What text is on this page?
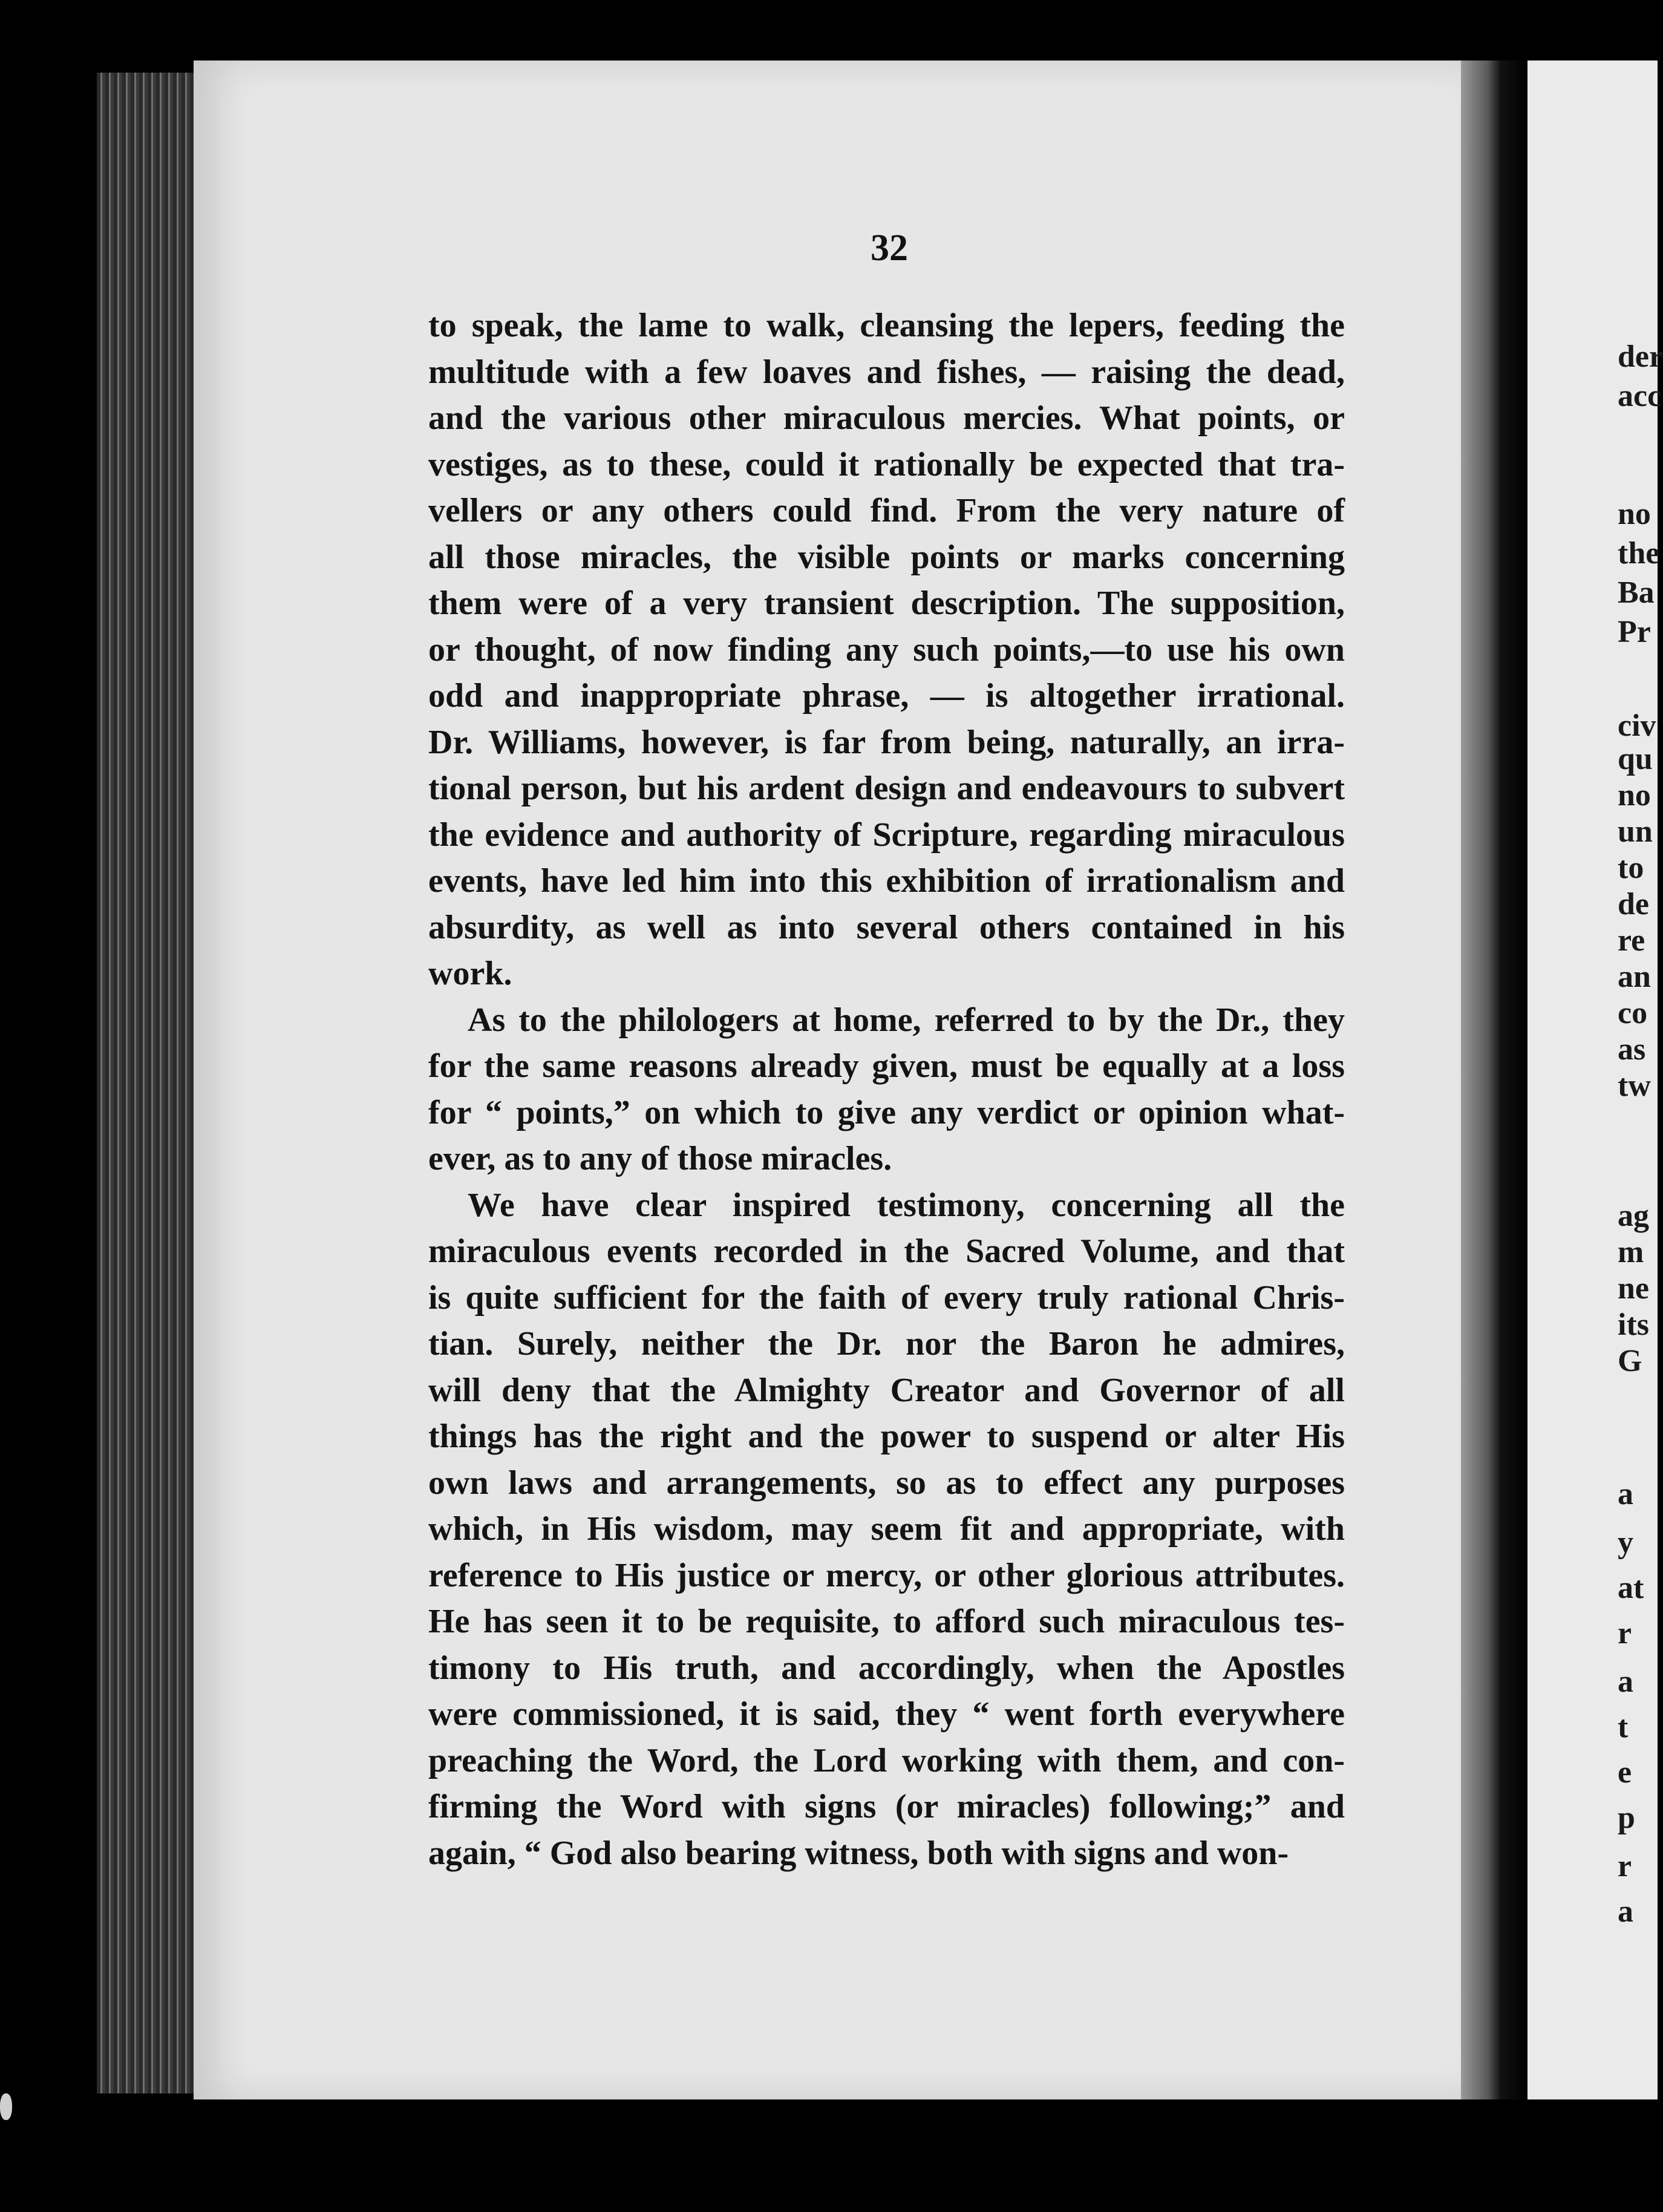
32
to speak, the lame to walk, cleansing the lepers, feeding the
multitude with a few loaves and fishes, — raising the dead,
and the various other miraculous mercies. What points, or
vestiges, as to these, could it rationally be expected that tra-
vellers or any others could find. From the very nature of
all those miracles, the visible points or marks concerning
them were of a very transient description. The supposition,
or thought, of now finding any such points,—to use his own
odd and inappropriate phrase, — is altogether irrational.
Dr. Williams, however, is far from being, naturally, an irra-
tional person, but his ardent design and endeavours to subvert
the evidence and authority of Scripture, regarding miraculous
events, have led him into this exhibition of irrationalism and
absurdity, as well as into several others contained in his
work.
As to the philologers at home, referred to by the Dr., they
for the same reasons already given, must be equally at a loss
for “ points,” on which to give any verdict or opinion what-
ever, as to any of those miracles.
We have clear inspired testimony, concerning all the
miraculous events recorded in the Sacred Volume, and that
is quite sufficient for the faith of every truly rational Chris-
tian. Surely, neither the Dr. nor the Baron he admires,
will deny that the Almighty Creator and Governor of all
things has the right and the power to suspend or alter His
own laws and arrangements, so as to effect any purposes
which, in His wisdom, may seem fit and appropriate, with
reference to His justice or mercy, or other glorious attributes.
He has seen it to be requisite, to afford such miraculous tes-
timony to His truth, and accordingly, when the Apostles
were commissioned, it is said, they “ went forth everywhere
preaching the Word, the Lord working with them, and con-
firming the Word with signs (or miracles) following;” and
again, “ God also bearing witness, both with signs and won-
der
acc
no
the
Ba
Pr
civ
qu
no
un
to
de
re
an
co
as
tw
ag
m
ne
its
G
a
y
at
r
a
t
e
p
r
a
